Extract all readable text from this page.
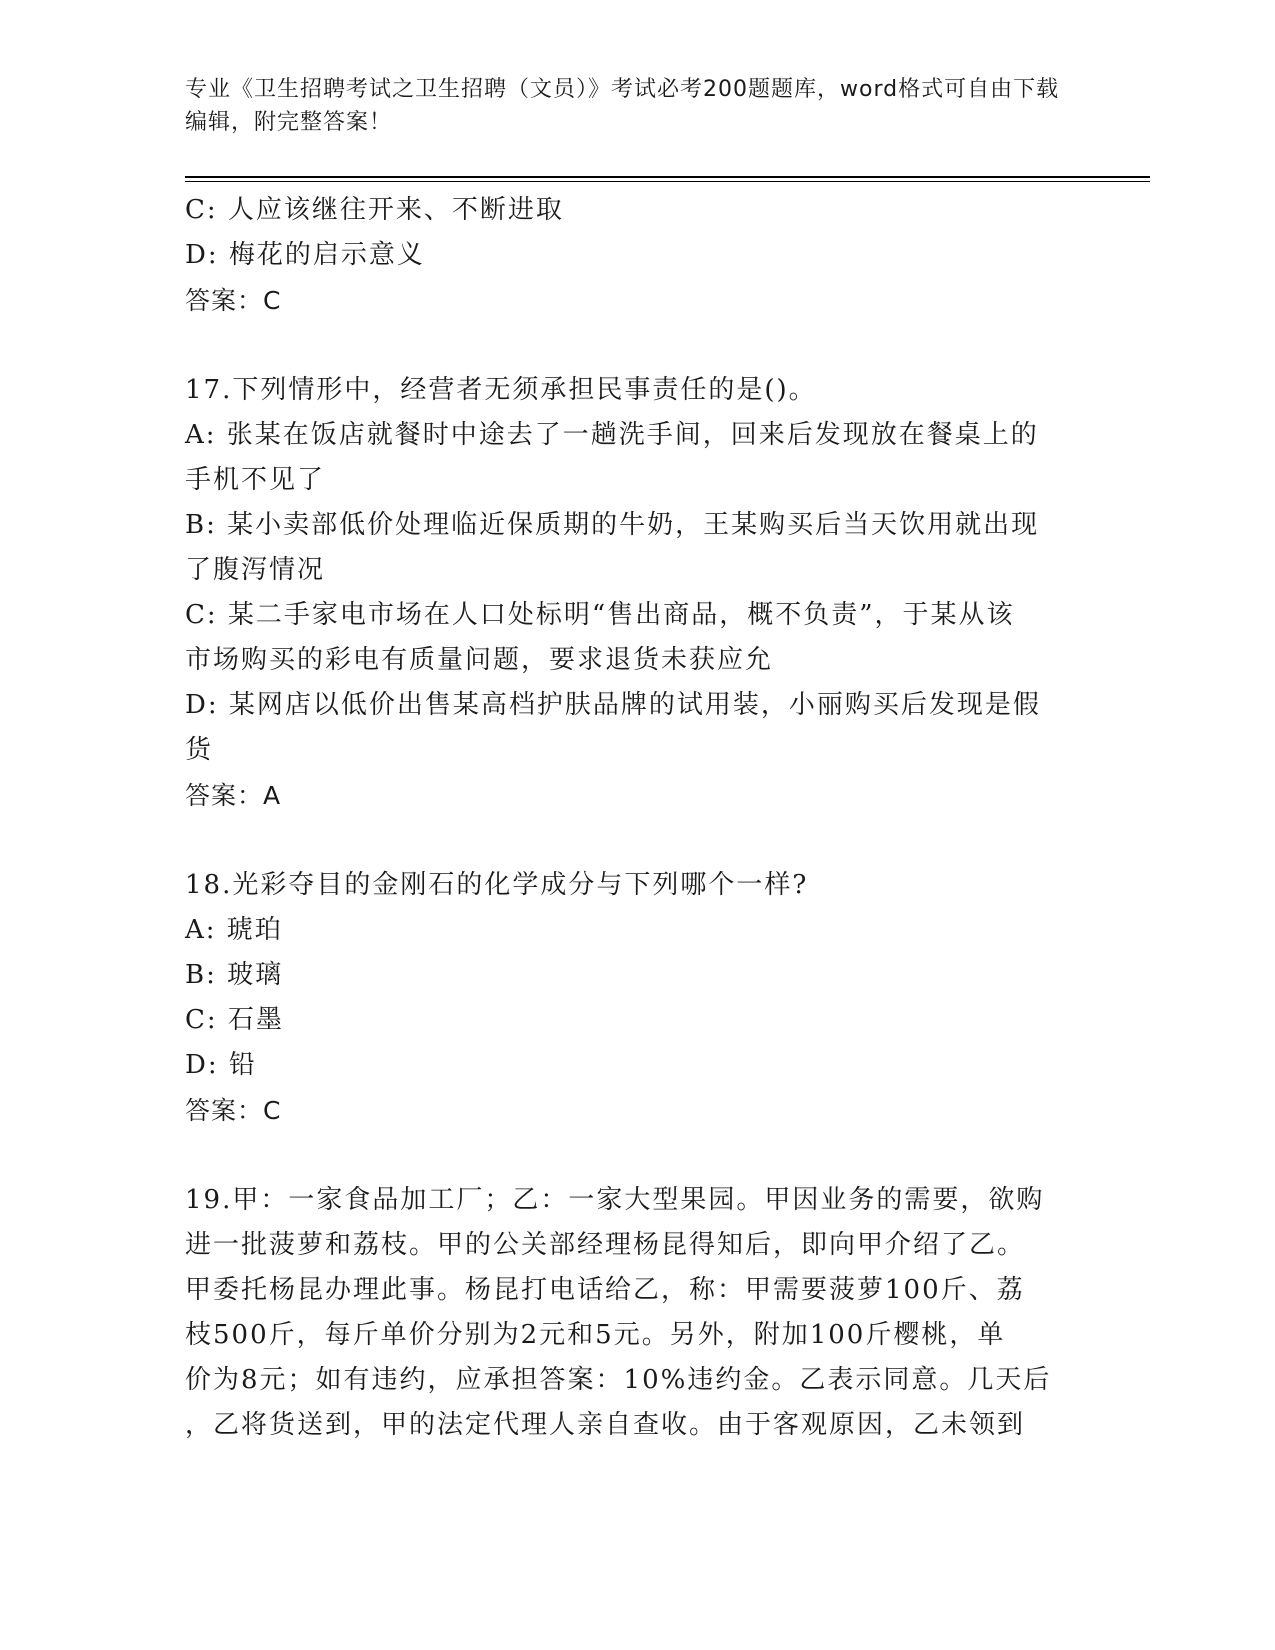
专业《卫生招聘考试之卫生招聘（文员）》考试必考200题题库，word格式可自由下载编辑，附完整答案！
C: 人应该继往开来、不断进取
D: 梅花的启示意义
答案：C
17.下列情形中，经营者无须承担民事责任的是()。
A: 张某在饭店就餐时中途去了一趟洗手间，回来后发现放在餐桌上的
手机不见了
B: 某小卖部低价处理临近保质期的牛奶，王某购买后当天饮用就出现
了腹泻情况
C: 某二手家电市场在人口处标明“售出商品，概不负责”，于某从该
市场购买的彩电有质量问题，要求退货未获应允
D: 某网店以低价出售某高档护肤品牌的试用装，小丽购买后发现是假
货
答案：A
18.光彩夺目的金刚石的化学成分与下列哪个一样?
A: 琥珀
B: 玻璃
C: 石墨
D: 铅
答案：C
19.甲：一家食品加工厂；乙：一家大型果园。甲因业务的需要，欲购
进一批菠萝和荔枝。甲的公关部经理杨昆得知后，即向甲介绍了乙。
甲委托杨昆办理此事。杨昆打电话给乙，称：甲需要菠萝100斤、荔
枝500斤，每斤单价分别为2元和5元。另外，附加100斤樱桃，单
价为8元；如有违约，应承担答案：10%违约金。乙表示同意。几天后
，乙将货送到，甲的法定代理人亲自查收。由于客观原因，乙未领到
